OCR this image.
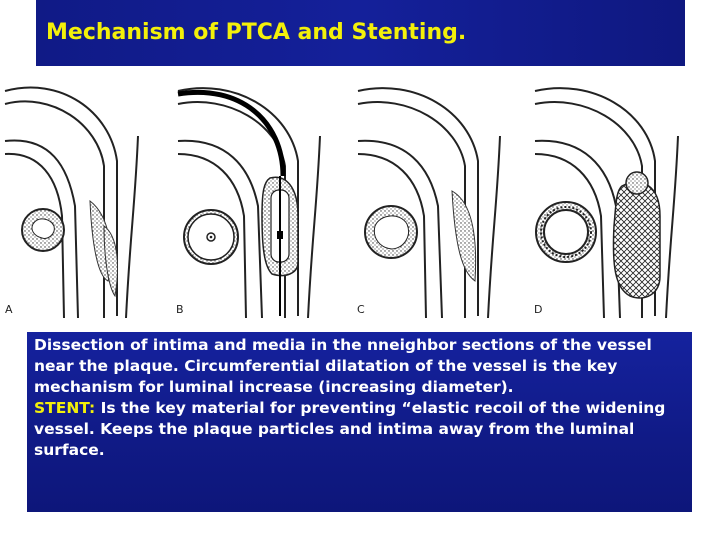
Mechanism of PTCA and Stenting.
A	B	C	D
• Dissection of intima and media in the nneighbor sections of the vessel near the plaque. Circumferential dilatation of the vessel is the key mechanism for luminal increase (increasing diameter).
• STENT: Is the key material for preventing “elastic recoil of the widening vessel. Keeps the plaque particles and intima away from the luminal surface.
